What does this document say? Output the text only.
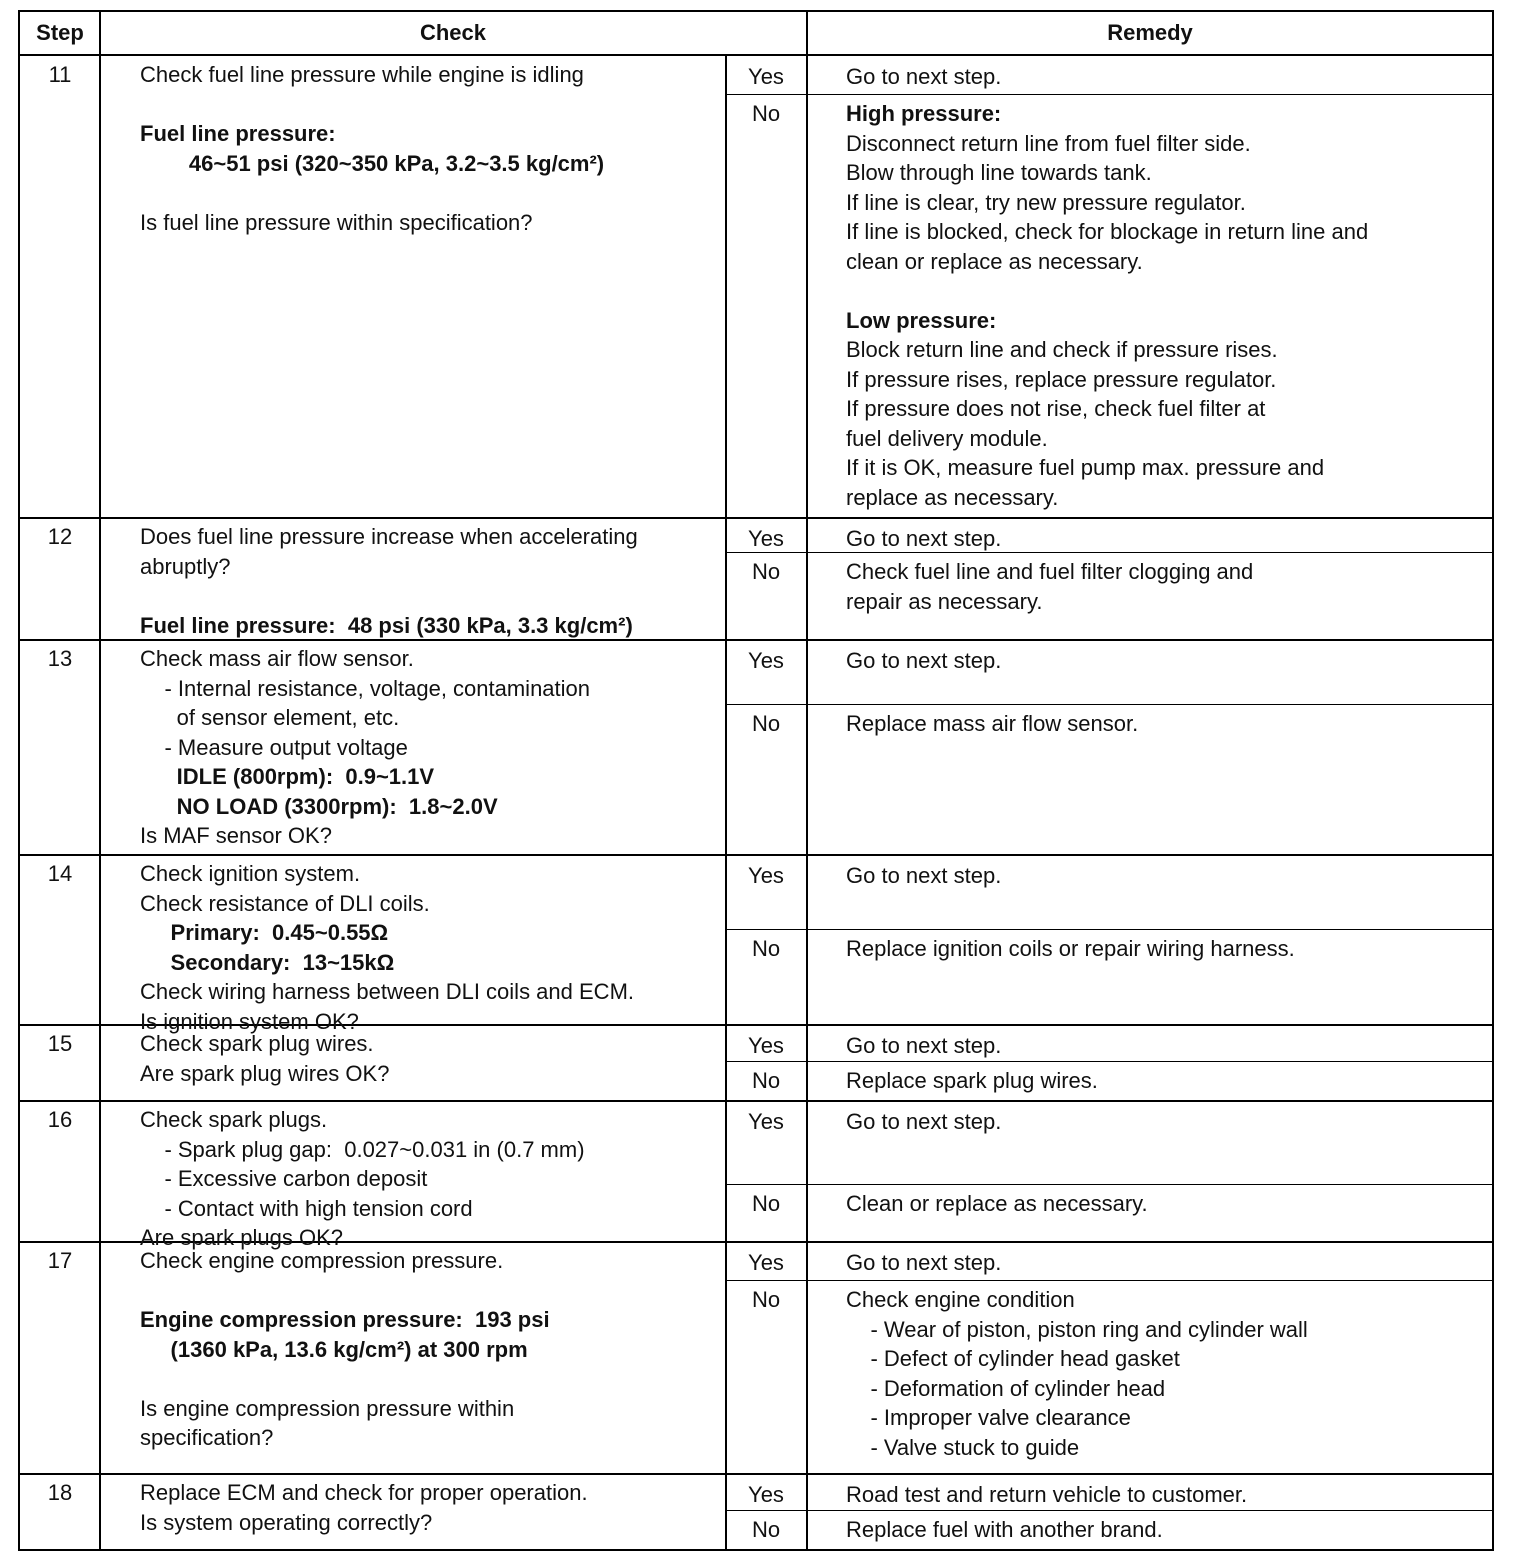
Step	Check	Remedy
11	Check fuel line pressure while engine is idling

Fuel line pressure:
46~51 psi (320~350 kPa, 3.2~3.5 kg/cm²)

Is fuel line pressure within specification?
Yes	Go to next step.
No	High pressure:
Disconnect return line from fuel filter side.
Blow through line towards tank.
If line is clear, try new pressure regulator.
If line is blocked, check for blockage in return line and
clean or replace as necessary.

Low pressure:
Block return line and check if pressure rises.
If pressure rises, replace pressure regulator.
If pressure does not rise, check fuel filter at
fuel delivery module.
If it is OK, measure fuel pump max. pressure and
replace as necessary.
12	Does fuel line pressure increase when accelerating
abruptly?

Fuel line pressure:  48 psi (330 kPa, 3.3 kg/cm²)
Yes	Go to next step.
No	Check fuel line and fuel filter clogging and
repair as necessary.
13	Check mass air flow sensor.
- Internal resistance, voltage, contamination
of sensor element, etc.
- Measure output voltage
IDLE (800rpm):  0.9~1.1V
NO LOAD (3300rpm):  1.8~2.0V
Is MAF sensor OK?
Yes	Go to next step.
No	Replace mass air flow sensor.
14	Check ignition system.
Check resistance of DLI coils.
Primary:  0.45~0.55Ω
Secondary:  13~15kΩ
Check wiring harness between DLI coils and ECM.
Is ignition system OK?
Yes	Go to next step.
No	Replace ignition coils or repair wiring harness.
15	Check spark plug wires.
Are spark plug wires OK?
Yes	Go to next step.
No	Replace spark plug wires.
16	Check spark plugs.
- Spark plug gap:  0.027~0.031 in (0.7 mm)
- Excessive carbon deposit
- Contact with high tension cord
Are spark plugs OK?
Yes	Go to next step.
No	Clean or replace as necessary.
17	Check engine compression pressure.

Engine compression pressure:  193 psi
(1360 kPa, 13.6 kg/cm²) at 300 rpm

Is engine compression pressure within
specification?
Yes	Go to next step.
No	Check engine condition
- Wear of piston, piston ring and cylinder wall
- Defect of cylinder head gasket
- Deformation of cylinder head
- Improper valve clearance
- Valve stuck to guide
18	Replace ECM and check for proper operation.
Is system operating correctly?
Yes	Road test and return vehicle to customer.
No	Replace fuel with another brand.
